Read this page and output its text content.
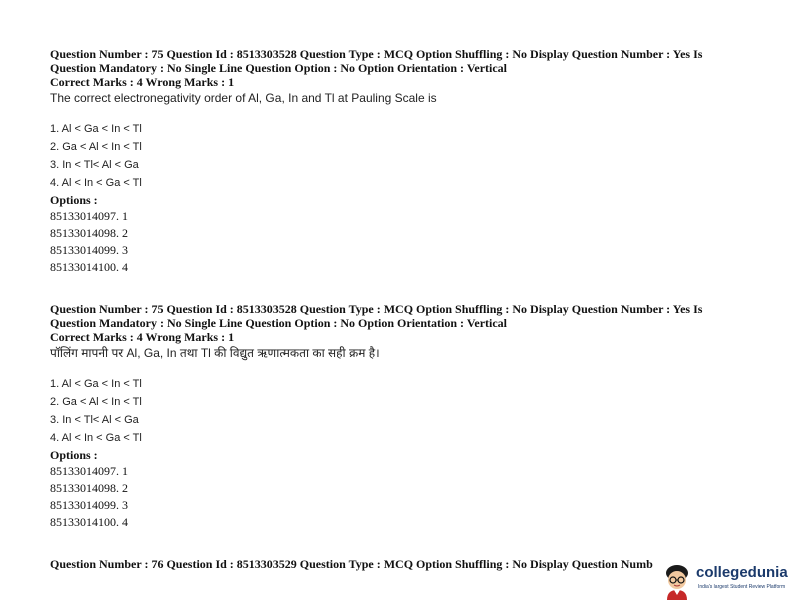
Question Number : 75 Question Id : 8513303528 Question Type : MCQ Option Shuffling : No Display Question Number : Yes Is

Question Mandatory : No Single Line Question Option : No Option Orientation : Vertical

Correct Marks : 4 Wrong Marks : 1

The correct electronegativity order of Al, Ga, In and Tl at Pauling Scale is

1. Al < Ga < In < Tl
2. Ga < Al < In < Tl
3. In < Tl< Al < Ga
4. Al < In < Ga < Tl
Options :
85133014097. 1
85133014098. 2
85133014099. 3
85133014100. 4

Question Number : 75 Question Id : 8513303528 Question Type : MCQ Option Shuffling : No Display Question Number : Yes Is

Question Mandatory : No Single Line Question Option : No Option Orientation : Vertical

Correct Marks : 4 Wrong Marks : 1

पॉलिंग मापनी पर Al, Ga, In तथा Tl की विद्युत ऋणात्मकता का सही क्रम है।

1. Al < Ga < In < Tl
2. Ga < Al < In < Tl
3. In < Tl< Al < Ga
4. Al < In < Ga < Tl
Options :
85133014097. 1
85133014098. 2
85133014099. 3
85133014100. 4
Question Number : 76 Question Id : 8513303529 Question Type : MCQ Option Shuffling : No Display Question Numb	collegedunia
India's largest Student Review Platform
